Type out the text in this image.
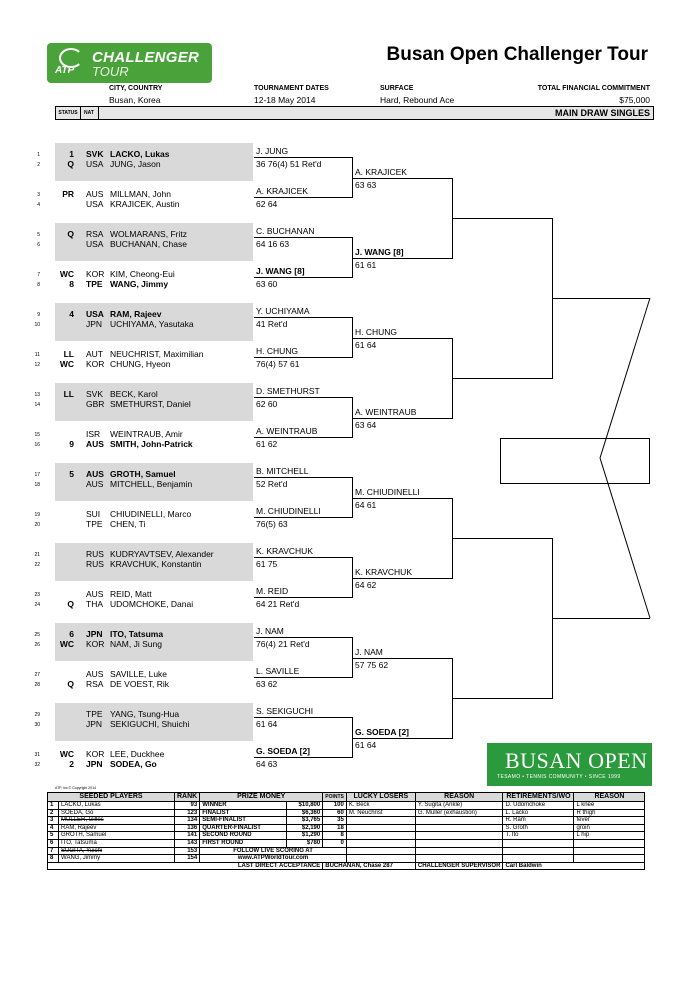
ATP
CHALLENGER
TOUR
Busan Open Challenger Tour
CITY, COUNTRY
Busan, Korea
TOURNAMENT DATES
12-18 May 2014
SURFACE
Hard, Rebound Ace
TOTAL FINANCIAL COMMITMENT
$75,000
STATUS	NAT	MAIN DRAW SINGLES
1	1 SVK LACKO, Lukas
2	Q USA JUNG, Jason
3	PR AUS MILLMAN, John
4	USA KRAJICEK, Austin
5	Q RSA WOLMARANS, Fritz
6	USA BUCHANAN, Chase
7	WC KOR KIM, Cheong-Eui
8	8 TPE WANG, Jimmy
9	4 USA RAM, Rajeev
10	JPN UCHIYAMA, Yasutaka
11	LL AUT NEUCHRIST, Maximilian
12	WC KOR CHUNG, Hyeon
13	LL SVK BECK, Karol
14	GBR SMETHURST, Daniel
15	ISR	WEINTRAUB, Amir
16	9 AUS SMITH, John-Patrick
17	5 AUS GROTH, Samuel
18	AUS MITCHELL, Benjamin
19	SUI	CHIUDINELLI, Marco
20	TPE CHEN, Ti
21	RUS KUDRYAVTSEV, Alexander
22	RUS KRAVCHUK, Konstantin
23	AUS REID, Matt
24	Q THA UDOMCHOKE, Danai
25	6 JPN ITO, Tatsuma
26	WC KOR NAM, Ji Sung
27	AUS SAVILLE, Luke
28	Q RSA DE VOEST, Rik
29	TPE YANG, Tsung-Hua
30	JPN SEKIGUCHI, Shuichi
31	WC KOR LEE, Duckhee
32	2 JPN SODEA, Go
J. JUNG
36 76(4) 51 Ret'd
A. KRAJICEK
62 64
C. BUCHANAN
64 16 63
J. WANG [8]
63 60
Y. UCHIYAMA
41 Ret'd
H. CHUNG
76(4) 57 61
D. SMETHURST
62 60
A. WEINTRAUB
61 62
B. MITCHELL
52 Ret'd
M. CHIUDINELLI
76(5) 63
K. KRAVCHUK
61 75
M. REID
64 21 Ret'd
J. NAM
76(4) 21 Ret'd
L. SAVILLE
63 62
S. SEKIGUCHI
61 64
G. SOEDA [2]
64 63
A. KRAJICEK
63 63
J. WANG [8]
61 61
H. CHUNG
61 64
A. WEINTRAUB
63 64
M. CHIUDINELLI
64 61
K. KRAVCHUK
64 62
J. NAM
57 75 62
G. SOEDA [2]
61 64
BUSAN OPEN
TESAMO • TENNIS COMMUNITY • SINCE 1999
ATP, Inc.© Copyright 2014
SEEDED PLAYERS		RANK	PRIZE MONEY		POINTS	LUCKY LOSERS	REASON	RETIREMENTS/WO	REASON
1	LACKO, Lukas	93	WINNER	$10,800	100	K. Beck	Y. Sugita (Ankle)	D. Udomchoke	L knee
2	SOEDA, Go	123	FINALIST	$6,360	60	M. Neuchrist	G. Muller (exhaustion)	L. Lacko	R thigh
3	MULLER, Gilles	134	SEMI-FINALIST	$3,765	35			R. Ram	fever
4	RAM, Rajeev	136	QUARTER-FINALIST	$2,190	18			S. Groth	groin
5	GROTH, Samuel	141	SECOND ROUND	$1,290	8			T. Ito	L hip
6	ITO, Tatsuma	143	FIRST ROUND	$780	0				
7	SUGITA, Yuichi	153	FOLLOW LIVE SCORING AT						
8	WANG, Jimmy	154	www.ATPWorldTour.com						
LAST DIRECT ACCEPTANCE					BUCHANAN, Chase 287		CHALLENGER SUPERVISOR	Carl Baldwin	
